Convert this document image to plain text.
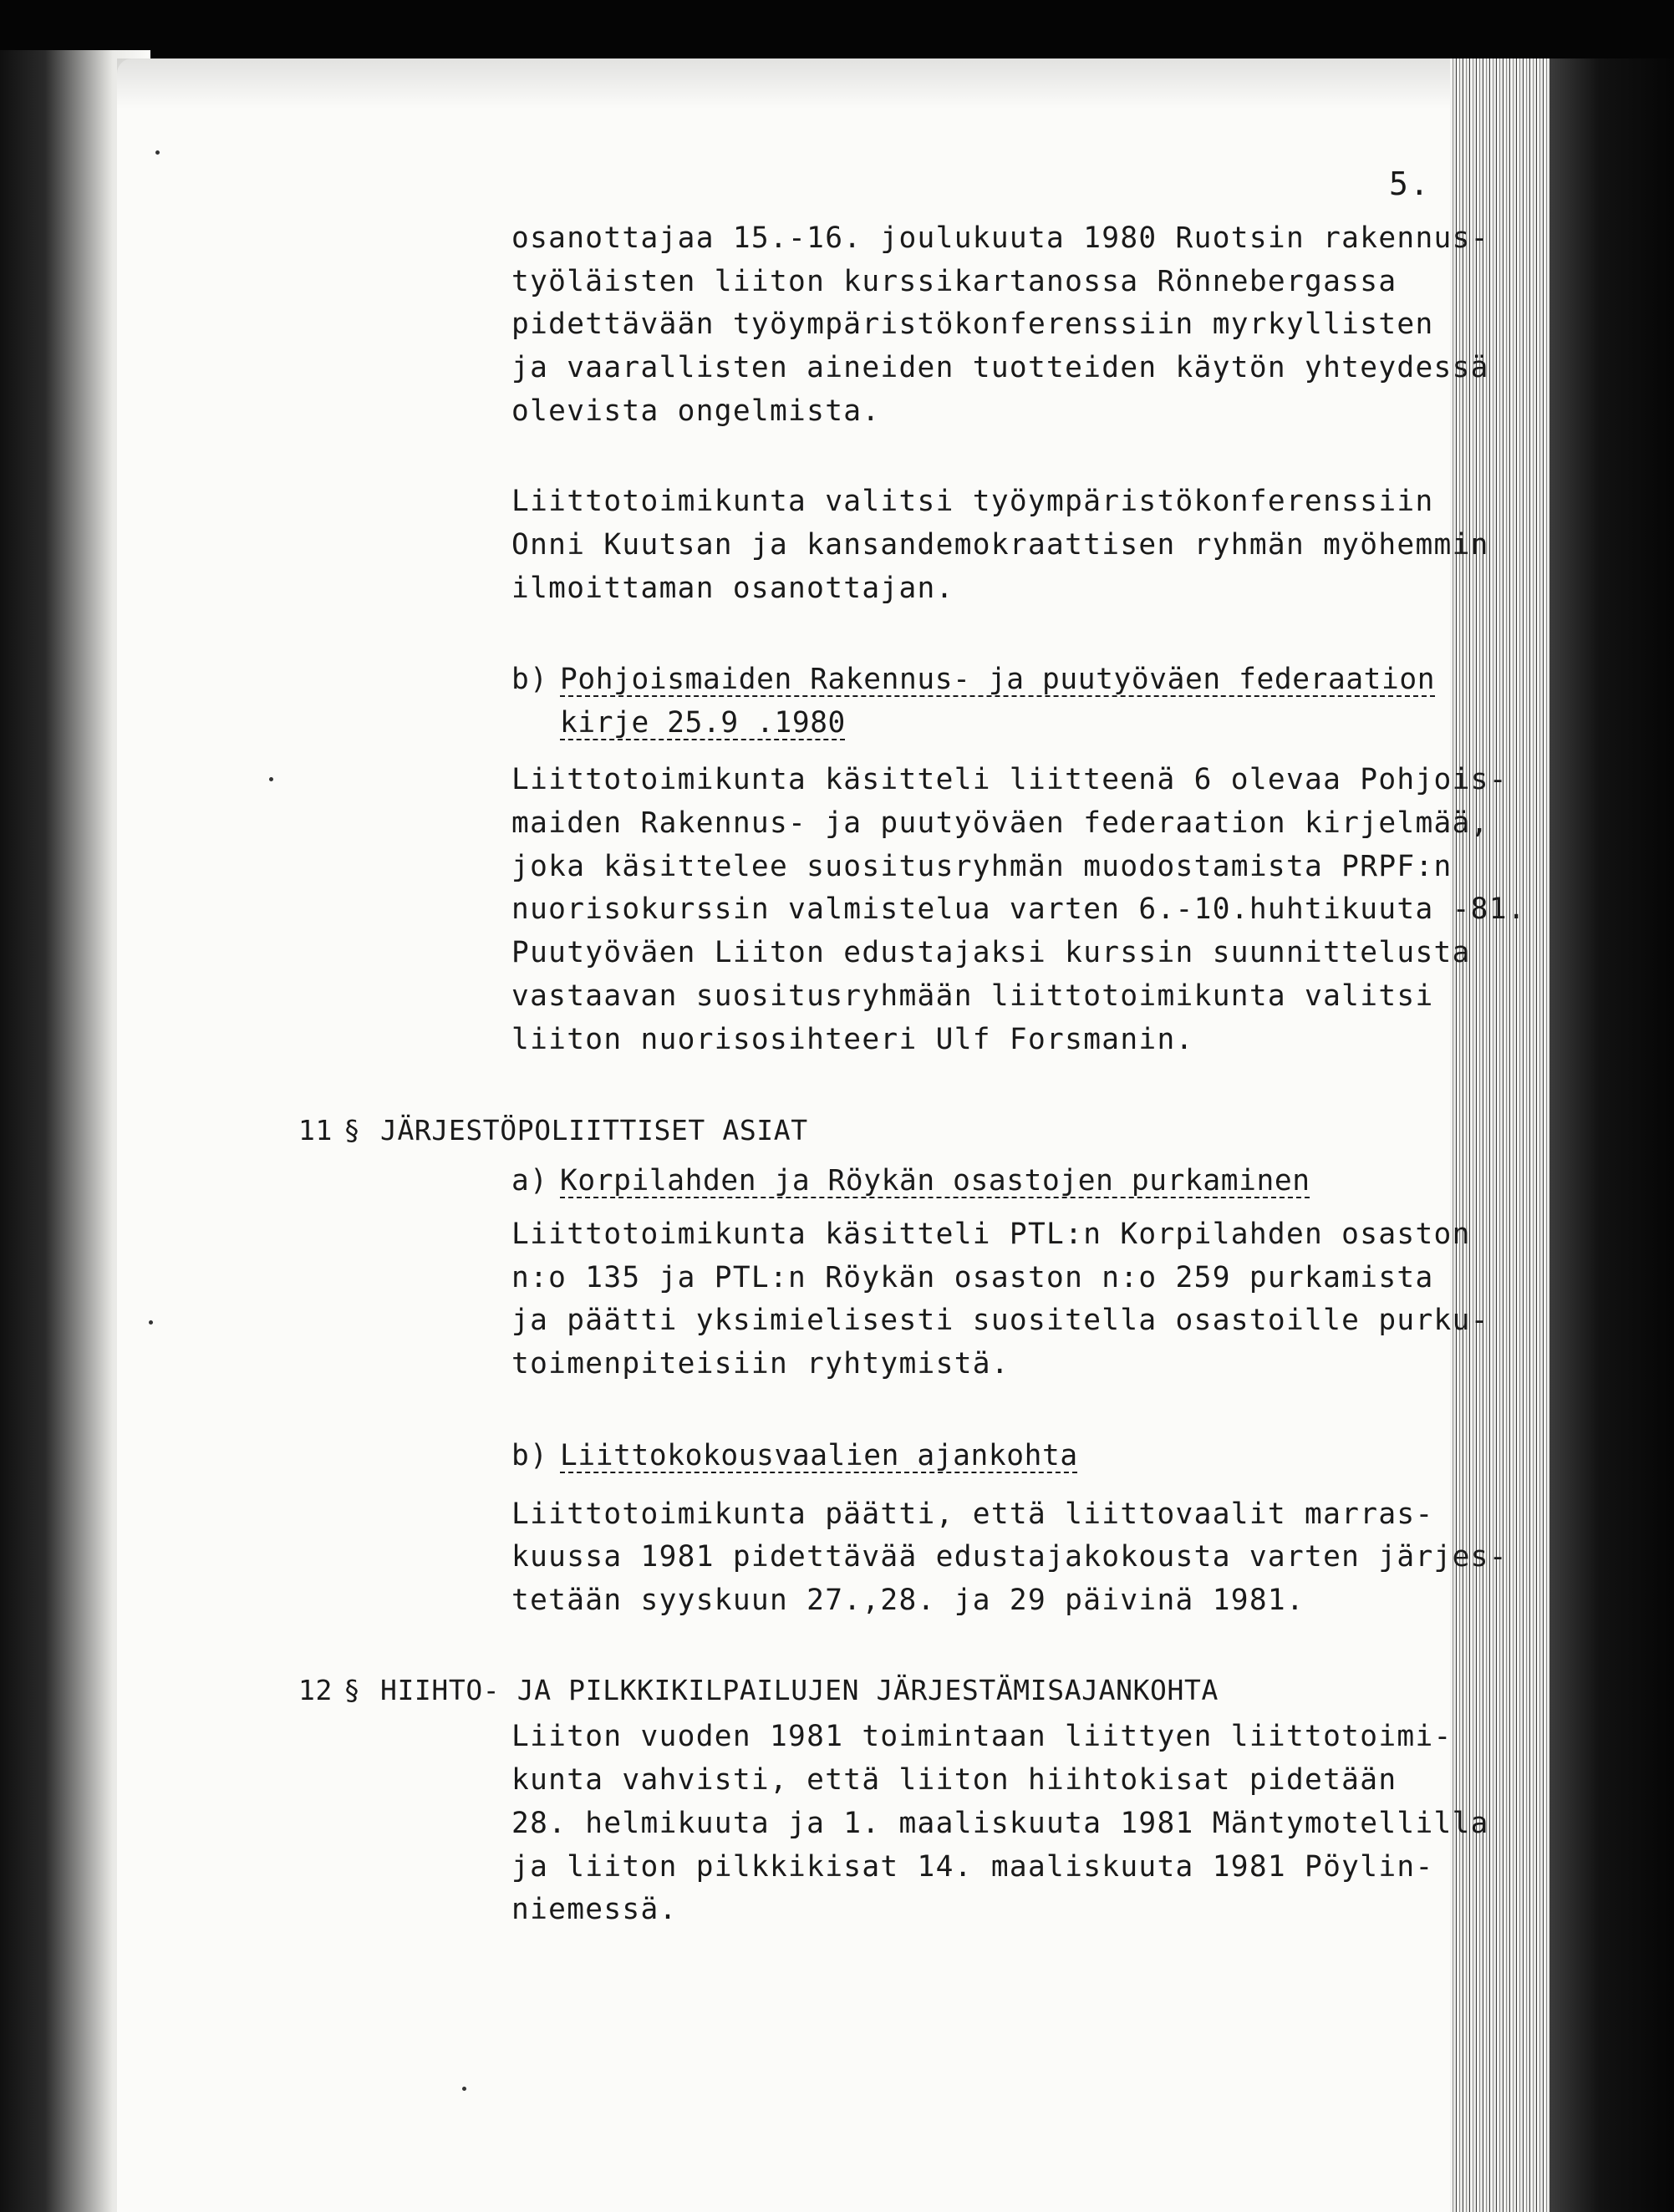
5.
osanottajaa 15.-16. joulukuuta 1980 Ruotsin rakennus-
työläisten liiton kurssikartanossa Rönnebergassa
pidettävään työympäristökonferenssiin myrkyllisten
ja vaarallisten aineiden tuotteiden käytön yhteydessä
olevista ongelmista.
Liittotoimikunta valitsi työympäristökonferenssiin
Onni Kuutsan ja kansandemokraattisen ryhmän myöhemmin
ilmoittaman osanottajan.
b) Pohjoismaiden Rakennus- ja puutyöväen federaation
kirje 25.9 .1980
Liittotoimikunta käsitteli liitteenä 6 olevaa Pohjois-
maiden Rakennus- ja puutyöväen federaation kirjelmää,
joka käsittelee suositusryhmän muodostamista PRPF:n
nuorisokurssin valmistelua varten 6.-10.huhtikuuta -81.
Puutyöväen Liiton edustajaksi kurssin suunnittelusta
vastaavan suositusryhmään liittotoimikunta valitsi
liiton nuorisosihteeri Ulf Forsmanin.
11 § JÄRJESTÖPOLIITTISET ASIAT
a) Korpilahden ja Röykän osastojen purkaminen
Liittotoimikunta käsitteli PTL:n Korpilahden osaston
n:o 135 ja PTL:n Röykän osaston n:o 259 purkamista
ja päätti yksimielisesti suositella osastoille purku-
toimenpiteisiin ryhtymistä.
b) Liittokokousvaalien ajankohta
Liittotoimikunta päätti, että liittovaalit marras-
kuussa 1981 pidettävää edustajakokousta varten järjes-
tetään syyskuun 27.,28. ja 29 päivinä 1981.
12 § HIIHTO- JA PILKKIKILPAILUJEN JÄRJESTÄMISAJANKOHTA
Liiton vuoden 1981 toimintaan liittyen liittotoimi-
kunta vahvisti, että liiton hiihtokisat pidetään
28. helmikuuta ja 1. maaliskuuta 1981 Mäntymotellilla
ja liiton pilkkikisat 14. maaliskuuta 1981 Pöylin-
niemessä.
